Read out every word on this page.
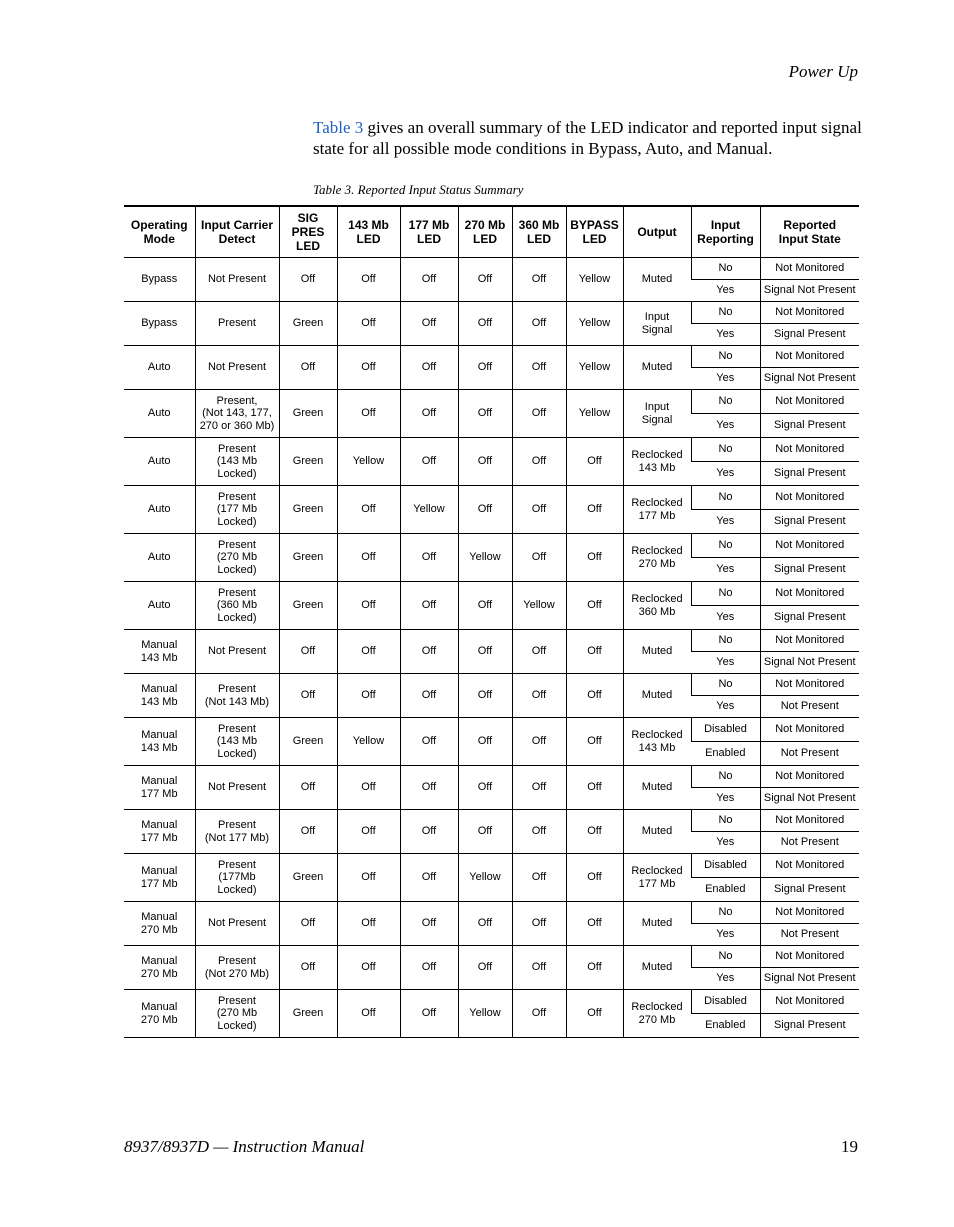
Power Up
Table 3 gives an overall summary of the LED indicator and reported input signal state for all possible mode conditions in Bypass, Auto, and Manual.
Table 3. Reported Input Status Summary
Operating
Mode	Input Carrier
Detect	SIG
PRES
LED	143 Mb
LED	177 Mb
LED	270 Mb
LED	360 Mb
LED	BYPASS
LED	Output	Input
Reporting	Reported
Input State
Bypass	Not Present	Off	Off	Off	Off	Off	Yellow	Muted	No	Not Monitored
									Yes	Signal Not Present
Bypass	Present	Green	Off	Off	Off	Off	Yellow	Input
Signal	No	Not Monitored
									Yes	Signal Present
Auto	Not Present	Off	Off	Off	Off	Off	Yellow	Muted	No	Not Monitored
									Yes	Signal Not Present
Auto	Present,
(Not 143, 177,
270 or 360 Mb)	Green	Off	Off	Off	Off	Yellow	Input
Signal	No	Not Monitored
									Yes	Signal Present
Auto	Present
(143 Mb
Locked)	Green	Yellow	Off	Off	Off	Off	Reclocked
143 Mb	No	Not Monitored
									Yes	Signal Present
Auto	Present
(177 Mb
Locked)	Green	Off	Yellow	Off	Off	Off	Reclocked
177 Mb	No	Not Monitored
									Yes	Signal Present
Auto	Present
(270 Mb
Locked)	Green	Off	Off	Yellow	Off	Off	Reclocked
270 Mb	No	Not Monitored
									Yes	Signal Present
Auto	Present
(360 Mb
Locked)	Green	Off	Off	Off	Yellow	Off	Reclocked
360 Mb	No	Not Monitored
									Yes	Signal Present
Manual
143 Mb	Not Present	Off	Off	Off	Off	Off	Off	Muted	No	Not Monitored
									Yes	Signal Not Present
Manual
143 Mb	Present
(Not 143 Mb)	Off	Off	Off	Off	Off	Off	Muted	No	Not Monitored
									Yes	Not Present
Manual
143 Mb	Present
(143 Mb
Locked)	Green	Yellow	Off	Off	Off	Off	Reclocked
143 Mb	Disabled	Not Monitored
									Enabled	Not Present
Manual
177 Mb	Not Present	Off	Off	Off	Off	Off	Off	Muted	No	Not Monitored
									Yes	Signal Not Present
Manual
177 Mb	Present
(Not 177 Mb)	Off	Off	Off	Off	Off	Off	Muted	No	Not Monitored
									Yes	Not Present
Manual
177 Mb	Present
(177Mb
Locked)	Green	Off	Off	Yellow	Off	Off	Reclocked
177 Mb	Disabled	Not Monitored
									Enabled	Signal Present
Manual
270 Mb	Not Present	Off	Off	Off	Off	Off	Off	Muted	No	Not Monitored
									Yes	Not Present
Manual
270 Mb	Present
(Not 270 Mb)	Off	Off	Off	Off	Off	Off	Muted	No	Not Monitored
									Yes	Signal Not Present
Manual
270 Mb	Present
(270 Mb
Locked)	Green	Off	Off	Yellow	Off	Off	Reclocked
270 Mb	Disabled	Not Monitored
									Enabled	Signal Present
8937/8937D — Instruction Manual	19
